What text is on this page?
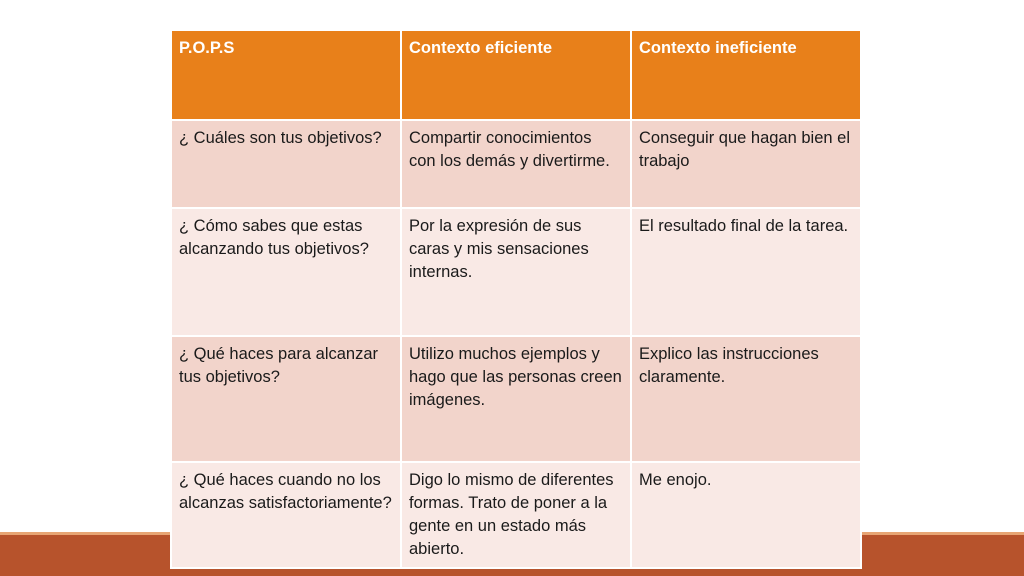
P.O.P.S	Contexto eficiente	Contexto ineficiente
¿ Cuáles son tus objetivos?	Compartir conocimientos con los demás y divertirme.	Conseguir que hagan bien el trabajo
¿ Cómo sabes que estas alcanzando tus objetivos?	Por la expresión de sus caras y mis sensaciones internas.	El resultado final de la tarea.
¿ Qué haces para alcanzar tus objetivos?	Utilizo muchos ejemplos y hago que las personas creen imágenes.	Explico las instrucciones claramente.
¿ Qué haces cuando no los alcanzas satisfactoriamente?	Digo lo mismo de diferentes formas. Trato de poner a la gente en un estado más abierto.	Me enojo.
